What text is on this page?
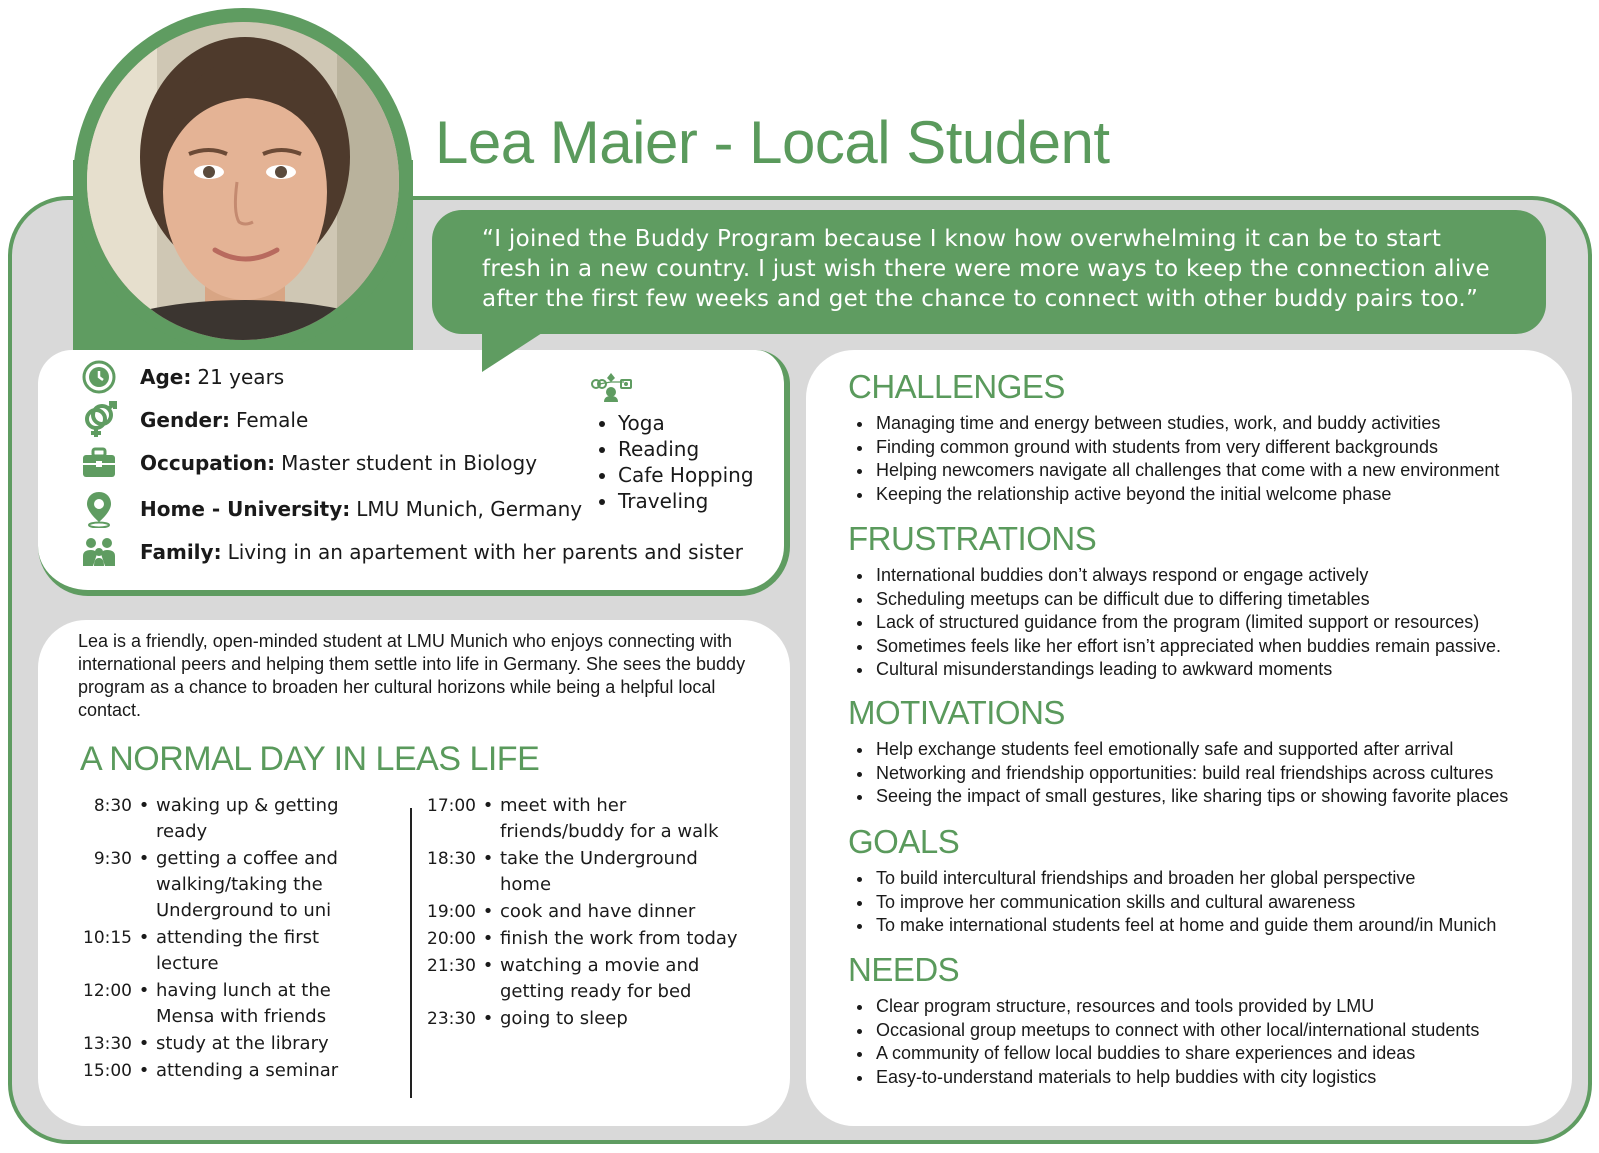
Lea Maier - Local Student
“I joined the Buddy Program because I know how overwhelming it can be to start fresh in a new country. I just wish there were more ways to keep the connection alive after the first few weeks and get the chance to connect with other buddy pairs too.”
Age: 21 years
Gender: Female
Occupation: Master student in Biology
Home - University: LMU Munich, Germany
Family: Living in an apartement with her parents and sister
• Yoga
• Reading
• Cafe Hopping
• Traveling

Lea is a friendly, open-minded student at LMU Munich who enjoys connecting with international peers and helping them settle into life in Germany. She sees the buddy program as a chance to broaden her cultural horizons while being a helpful local contact.

A NORMAL DAY IN LEAS LIFE
8:30 • waking up & getting ready
9:30 • getting a coffee and walking/taking the Underground to uni
10:15 • attending the first lecture
12:00 • having lunch at the Mensa with friends
13:30 • study at the library
15:00 • attending a seminar
17:00 • meet with her friends/buddy for a walk
18:30 • take the Underground home
19:00 • cook and have dinner
20:00 • finish the work from today
21:30 • watching a movie and getting ready for bed
23:30 • going to sleep
CHALLENGES
• Managing time and energy between studies, work, and buddy activities
• Finding common ground with students from very different backgrounds
• Helping newcomers navigate all challenges that come with a new environment
• Keeping the relationship active beyond the initial welcome phase
FRUSTRATIONS
• International buddies don’t always respond or engage actively
• Scheduling meetups can be difficult due to differing timetables
• Lack of structured guidance from the program (limited support or resources)
• Sometimes feels like her effort isn’t appreciated when buddies remain passive.
• Cultural misunderstandings leading to awkward moments
MOTIVATIONS
• Help exchange students feel emotionally safe and supported after arrival
• Networking and friendship opportunities: build real friendships across cultures
• Seeing the impact of small gestures, like sharing tips or showing favorite places
GOALS
• To build intercultural friendships and broaden her global perspective
• To improve her communication skills and cultural awareness
• To make international students feel at home and guide them around/in Munich
NEEDS
• Clear program structure, resources and tools provided by LMU
• Occasional group meetups to connect with other local/international students
• A community of fellow local buddies to share experiences and ideas
• Easy-to-understand materials to help buddies with city logistics
